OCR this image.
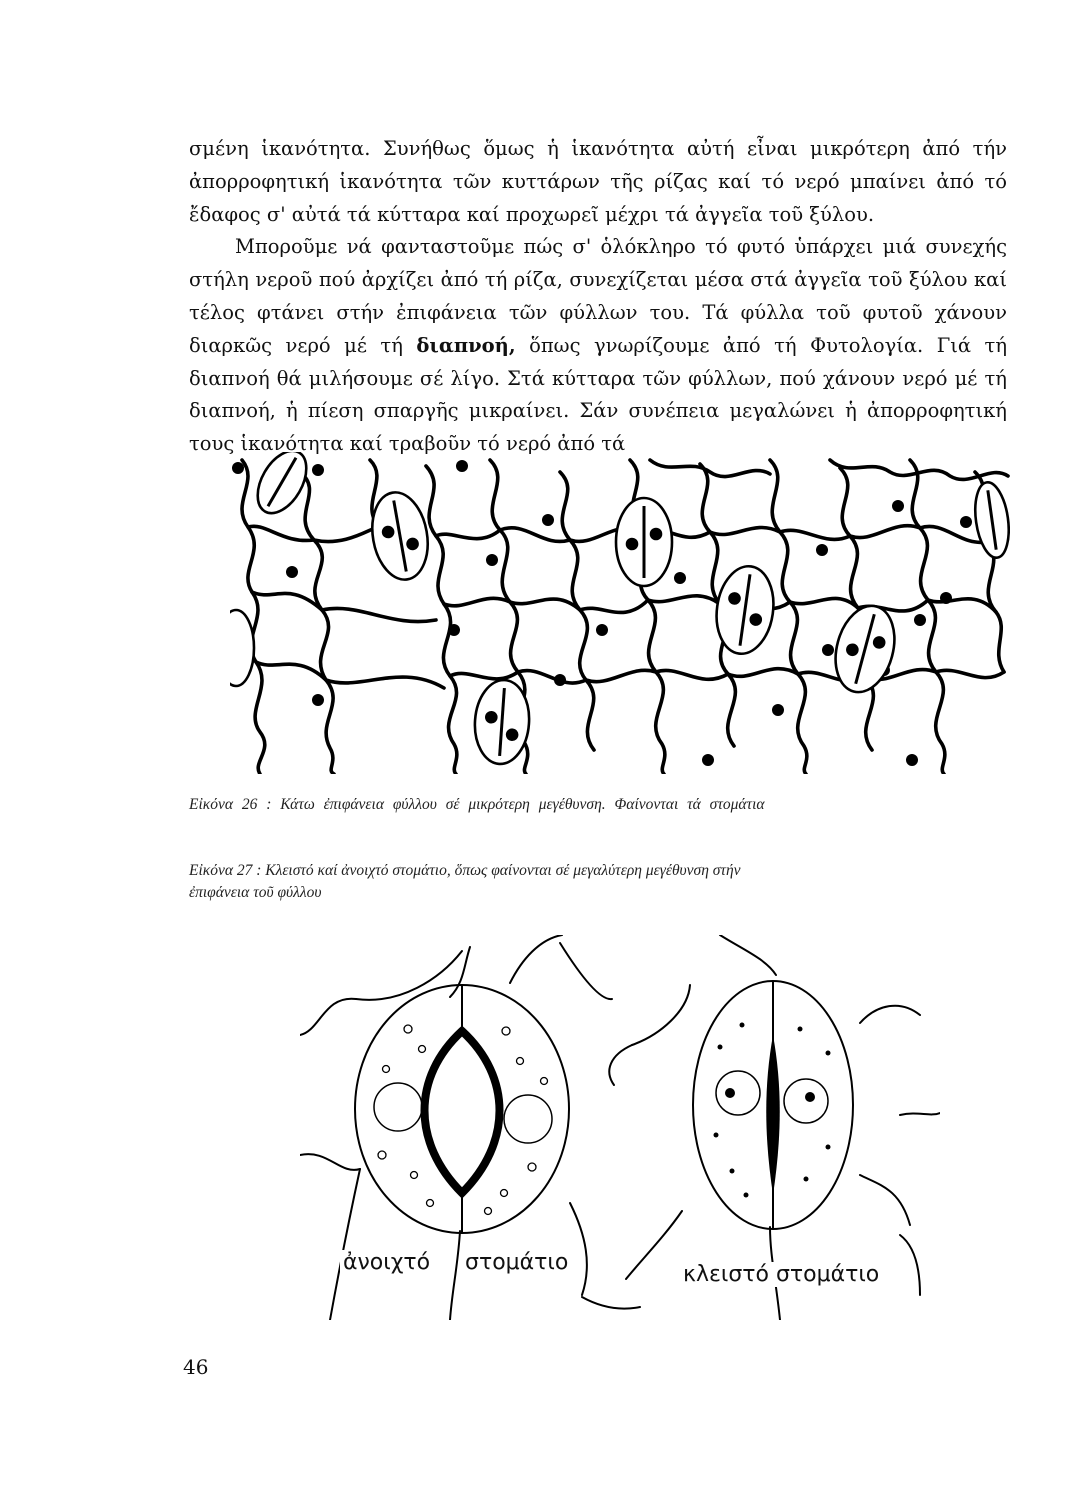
σμένη ἱκανότητα. Συνήθως ὅμως ἡ ἱκανότητα αὐτή εἶναι μικρότερη ἀπό τήν ἀπορροφητική ἱκανότητα τῶν κυττάρων τῆς ρίζας καί τό νερό μπαίνει ἀπό τό ἔδαφος σ' αὐτά τά κύτταρα καί προχωρεῖ μέχρι τά ἀγγεῖα τοῦ ξύλου.

Μποροῦμε νά φανταστοῦμε πώς σ' ὁλόκληρο τό φυτό ὑπάρχει μιά συνεχής στήλη νεροῦ πού ἀρχίζει ἀπό τή ρίζα, συνεχίζεται μέσα στά ἀγγεῖα τοῦ ξύλου καί τέλος φτάνει στήν ἐπιφάνεια τῶν φύλλων του. Τά φύλλα τοῦ φυτοῦ χάνουν διαρκῶς νερό μέ τή διαπνοή, ὅπως γνωρίζουμε ἀπό τή Φυτολογία. Γιά τή διαπνοή θά μιλήσουμε σέ λίγο. Στά κύτταρα τῶν φύλλων, πού χάνουν νερό μέ τή διαπνοή, ἡ πίεση σπαργῆς μικραίνει. Σάν συνέπεια μεγαλώνει ἡ ἀπορροφητική τους ἱκανότητα καί τραβοῦν τό νερό ἀπό τά

Εἰκόνα 26 : Κάτω ἐπιφάνεια φύλλου σέ μικρότερη μεγέθυνση. Φαίνονται τά στομάτια
Εἰκόνα 27 : Κλειστό καί ἀνοιχτό στομάτιο, ὅπως φαίνονται σέ μεγαλύτερη μεγέθυνση στήν ἐπιφάνεια τοῦ φύλλου
ἀνοιχτό στομάτιο	κλειστό στομάτιο
46
